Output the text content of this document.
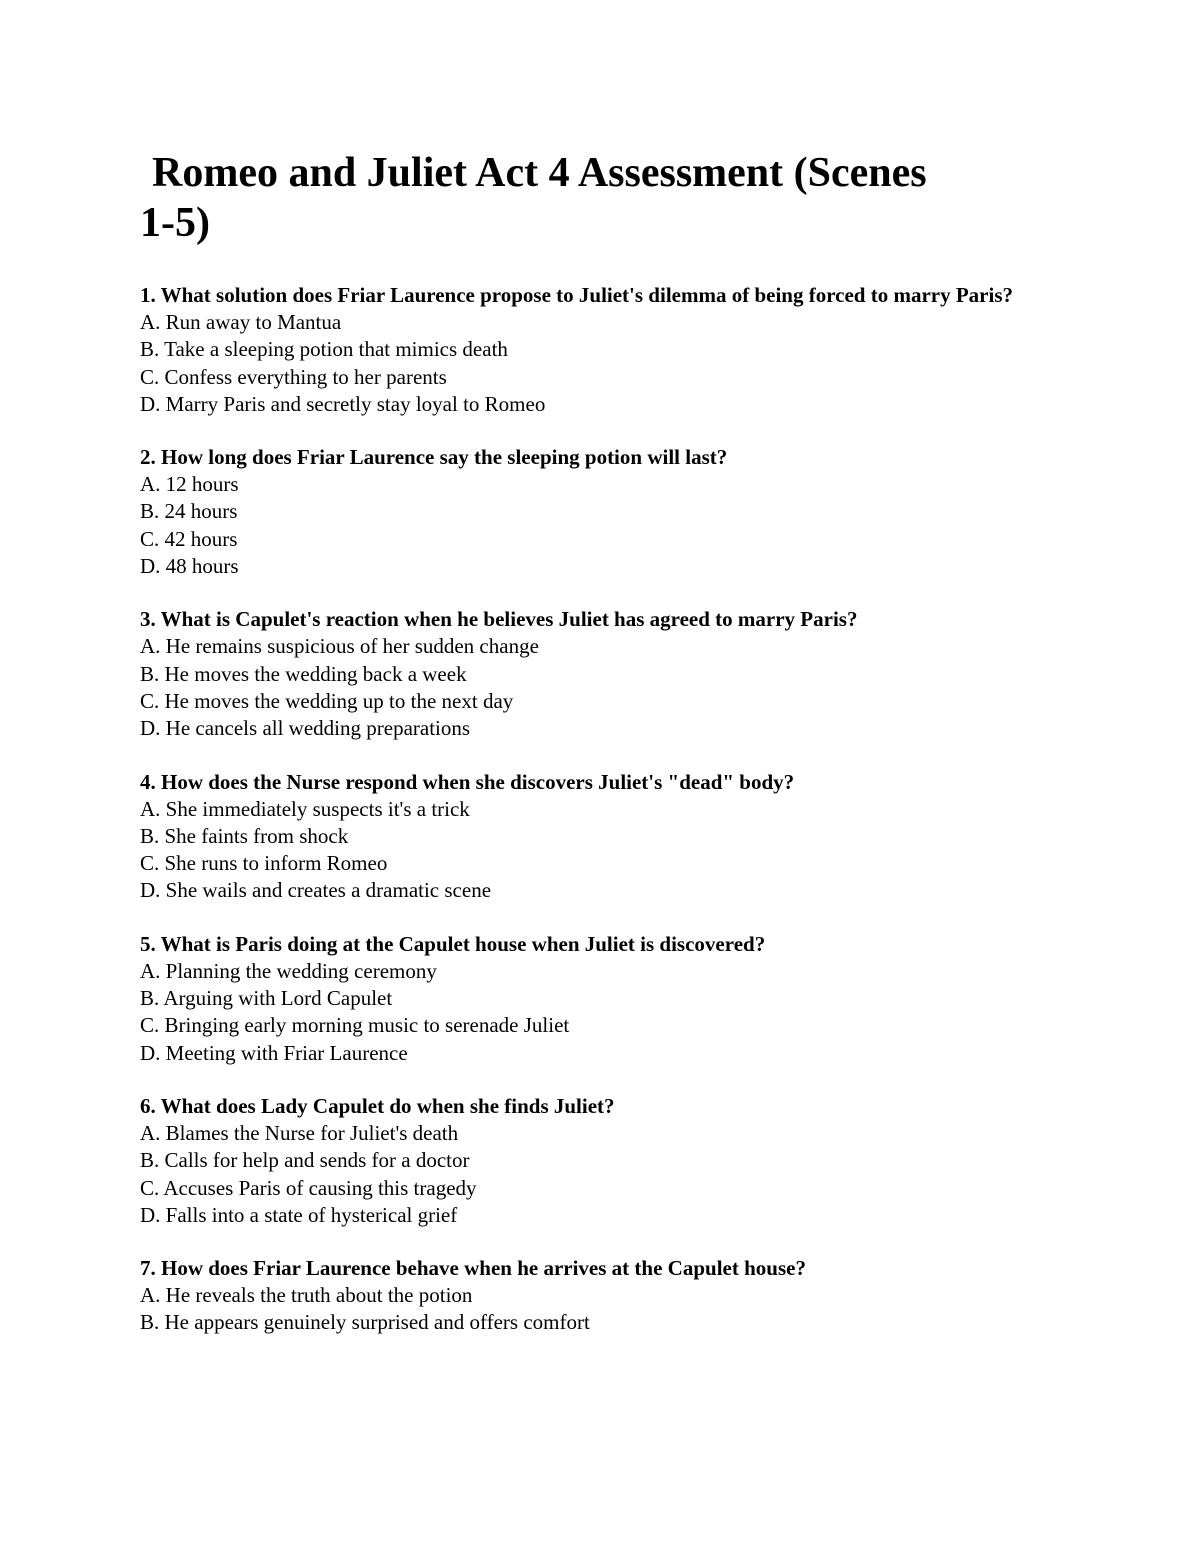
Romeo and Juliet Act 4 Assessment (Scenes
1-5)

1. What solution does Friar Laurence propose to Juliet's dilemma of being forced to marry Paris?

A. Run away to Mantua
B. Take a sleeping potion that mimics death
C. Confess everything to her parents
D. Marry Paris and secretly stay loyal to Romeo

2. How long does Friar Laurence say the sleeping potion will last?

A. 12 hours
B. 24 hours
C. 42 hours
D. 48 hours

3. What is Capulet's reaction when he believes Juliet has agreed to marry Paris?

A. He remains suspicious of her sudden change
B. He moves the wedding back a week
C. He moves the wedding up to the next day
D. He cancels all wedding preparations

4. How does the Nurse respond when she discovers Juliet's "dead" body?

A. She immediately suspects it's a trick
B. She faints from shock
C. She runs to inform Romeo
D. She wails and creates a dramatic scene

5. What is Paris doing at the Capulet house when Juliet is discovered?

A. Planning the wedding ceremony
B. Arguing with Lord Capulet
C. Bringing early morning music to serenade Juliet
D. Meeting with Friar Laurence

6. What does Lady Capulet do when she finds Juliet?

A. Blames the Nurse for Juliet's death
B. Calls for help and sends for a doctor
C. Accuses Paris of causing this tragedy
D. Falls into a state of hysterical grief

7. How does Friar Laurence behave when he arrives at the Capulet house?

A. He reveals the truth about the potion
B. He appears genuinely surprised and offers comfort
